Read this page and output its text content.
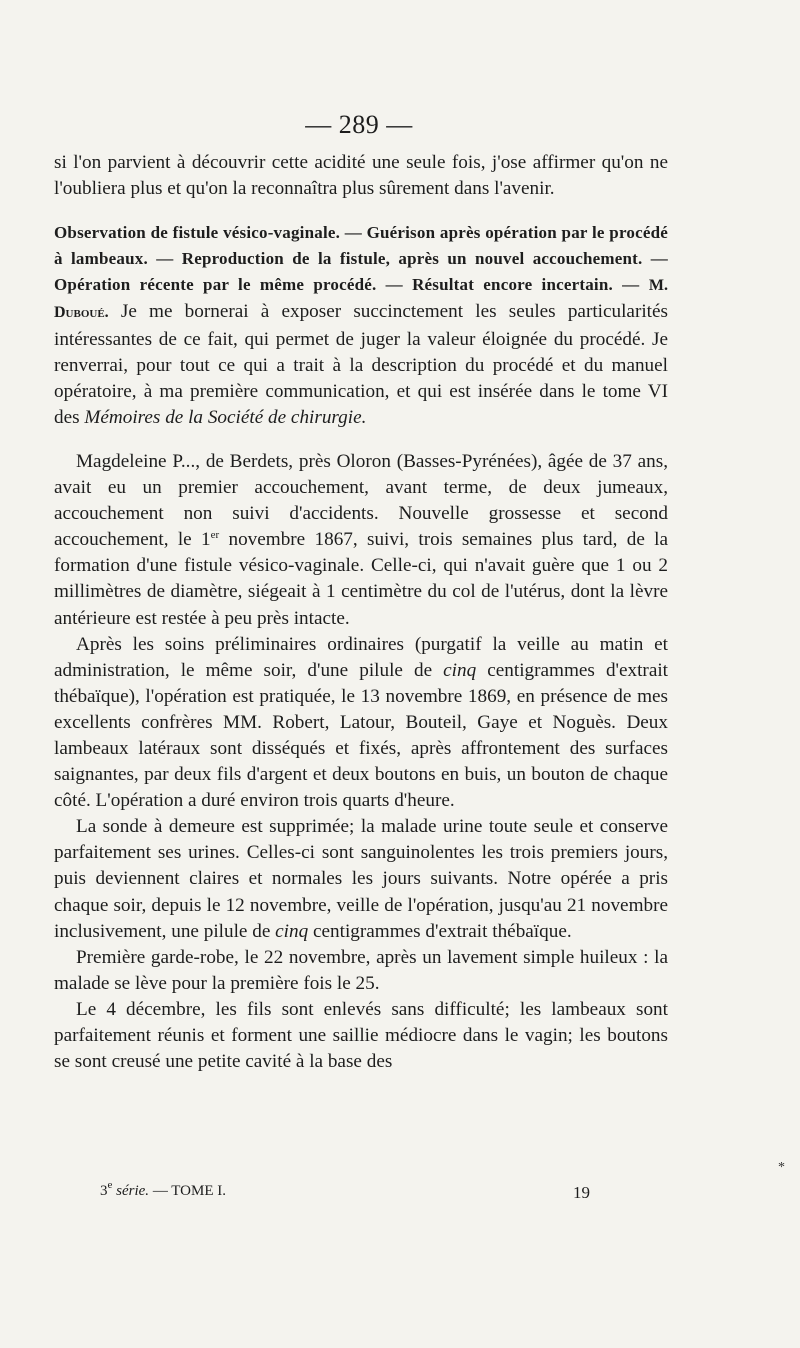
— 289 —

si l'on parvient à découvrir cette acidité une seule fois, j'ose affirmer qu'on ne l'oubliera plus et qu'on la reconnaîtra plus sûrement dans l'avenir.

Observation de fistule vésico-vaginale. — Guérison après opération par le procédé à lambeaux. — Reproduction de la fistule, après un nouvel accouchement. — Opération récente par le même procédé. — Résultat encore incertain. — M. Duboué. Je me bornerai à exposer succinctement les seules particularités intéressantes de ce fait, qui permet de juger la valeur éloignée du procédé. Je renverrai, pour tout ce qui a trait à la description du procédé et du manuel opératoire, à ma première communication, et qui est insérée dans le tome VI des Mémoires de la Société de chirurgie.

Magdeleine P..., de Berdets, près Oloron (Basses-Pyrénées), âgée de 37 ans, avait eu un premier accouchement, avant terme, de deux jumeaux, accouchement non suivi d'accidents. Nouvelle grossesse et second accouchement, le 1er novembre 1867, suivi, trois semaines plus tard, de la formation d'une fistule vésico-vaginale. Celle-ci, qui n'avait guère que 1 ou 2 millimètres de diamètre, siégeait à 1 centimètre du col de l'utérus, dont la lèvre antérieure est restée à peu près intacte.

Après les soins préliminaires ordinaires (purgatif la veille au matin et administration, le même soir, d'une pilule de cinq centigrammes d'extrait thébaïque), l'opération est pratiquée, le 13 novembre 1869, en présence de mes excellents confrères MM. Robert, Latour, Bouteil, Gaye et Noguès. Deux lambeaux latéraux sont disséqués et fixés, après affrontement des surfaces saignantes, par deux fils d'argent et deux boutons en buis, un bouton de chaque côté. L'opération a duré environ trois quarts d'heure.

La sonde à demeure est supprimée; la malade urine toute seule et conserve parfaitement ses urines. Celles-ci sont sanguinolentes les trois premiers jours, puis deviennent claires et normales les jours suivants. Notre opérée a pris chaque soir, depuis le 12 novembre, veille de l'opération, jusqu'au 21 novembre inclusivement, une pilule de cinq centigrammes d'extrait thébaïque.

Première garde-robe, le 22 novembre, après un lavement simple huileux : la malade se lève pour la première fois le 25.

Le 4 décembre, les fils sont enlevés sans difficulté; les lambeaux sont parfaitement réunis et forment une saillie médiocre dans le vagin; les boutons se sont creusé une petite cavité à la base des

3e série. — TOME I.	19
*
